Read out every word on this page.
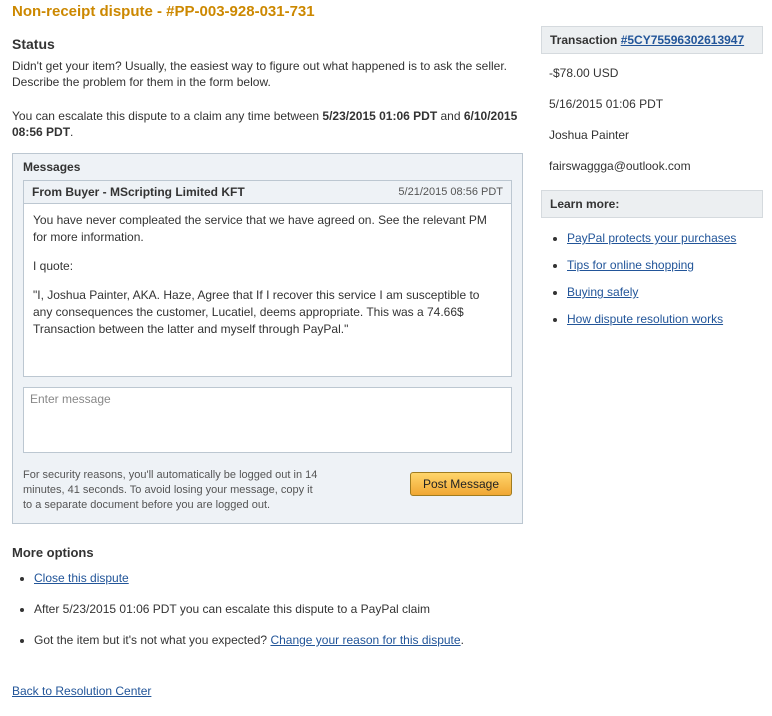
Non-receipt dispute - #PP-003-928-031-731
Status

Didn't get your item? Usually, the easiest way to figure out what happened is to ask the seller. Describe the problem for them in the form below.

You can escalate this dispute to a claim any time between 5/23/2015 01:06 PDT and 6/10/2015 08:56 PDT.

Messages
From Buyer - MScripting Limited KFT	5/21/2015 08:56 PDT

You have never compleated the service that we have agreed on. See the relevant PM for more information.

I quote:

"I, Joshua Painter, AKA. Haze, Agree that If I recover this service I am susceptible to any consequences the customer, Lucatiel, deems appropriate. This was a 74.66$ Transaction between the latter and myself through PayPal."

Enter message
For security reasons, you'll automatically be logged out in 14 minutes, 41 seconds. To avoid losing your message, copy it to a separate document before you are logged out.
Post Message
More options
• Close this dispute
• After 5/23/2015 01:06 PDT you can escalate this dispute to a PayPal claim
• Got the item but it's not what you expected? Change your reason for this dispute.
Back to Resolution Center
Transaction #5CY75596302613947
-$78.00 USD
5/16/2015 01:06 PDT
Joshua Painter
fairswaggga@outlook.com
Learn more:
• PayPal protects your purchases
• Tips for online shopping
• Buying safely
• How dispute resolution works
